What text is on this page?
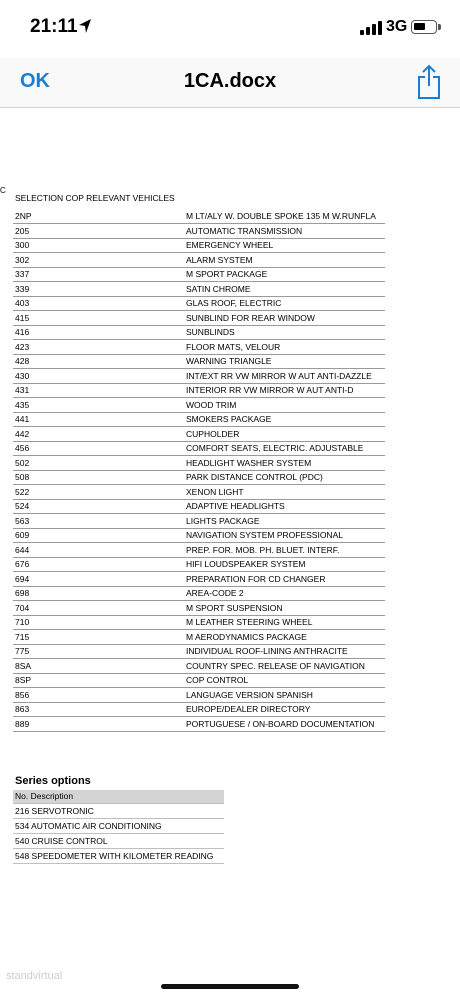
21:11	3G
OK	1CA.docx
C
SELECTION COP RELEVANT VEHICLES
2NP	M LT/ALY W. DOUBLE SPOKE 135 M W.RUNFLA
205	AUTOMATIC TRANSMISSION
300	EMERGENCY WHEEL
302	ALARM SYSTEM
337	M SPORT PACKAGE
339	SATIN CHROME
403	GLAS ROOF, ELECTRIC
415	SUNBLIND FOR REAR WINDOW
416	SUNBLINDS
423	FLOOR MATS, VELOUR
428	WARNING TRIANGLE
430	INT/EXT RR VW MIRROR W AUT ANTI-DAZZLE
431	INTERIOR RR VW MIRROR W AUT ANTI-D
435	WOOD TRIM
441	SMOKERS PACKAGE
442	CUPHOLDER
456	COMFORT SEATS, ELECTRIC. ADJUSTABLE
502	HEADLIGHT WASHER SYSTEM
508	PARK DISTANCE CONTROL (PDC)
522	XENON LIGHT
524	ADAPTIVE HEADLIGHTS
563	LIGHTS PACKAGE
609	NAVIGATION SYSTEM PROFESSIONAL
644	PREP. FOR. MOB. PH. BLUET. INTERF.
676	HIFI LOUDSPEAKER SYSTEM
694	PREPARATION FOR CD CHANGER
698	AREA-CODE 2
704	M SPORT SUSPENSION
710	M LEATHER STEERING WHEEL
715	M AERODYNAMICS PACKAGE
775	INDIVIDUAL ROOF-LINING ANTHRACITE
8SA	COUNTRY SPEC. RELEASE OF NAVIGATION
8SP	COP CONTROL
856	LANGUAGE VERSION SPANISH
863	EUROPE/DEALER DIRECTORY
889	PORTUGUESE / ON-BOARD DOCUMENTATION
Series options
No. Description
216 SERVOTRONIC
534 AUTOMATIC AIR CONDITIONING
540 CRUISE CONTROL
548 SPEEDOMETER WITH KILOMETER READING
standvirtual
